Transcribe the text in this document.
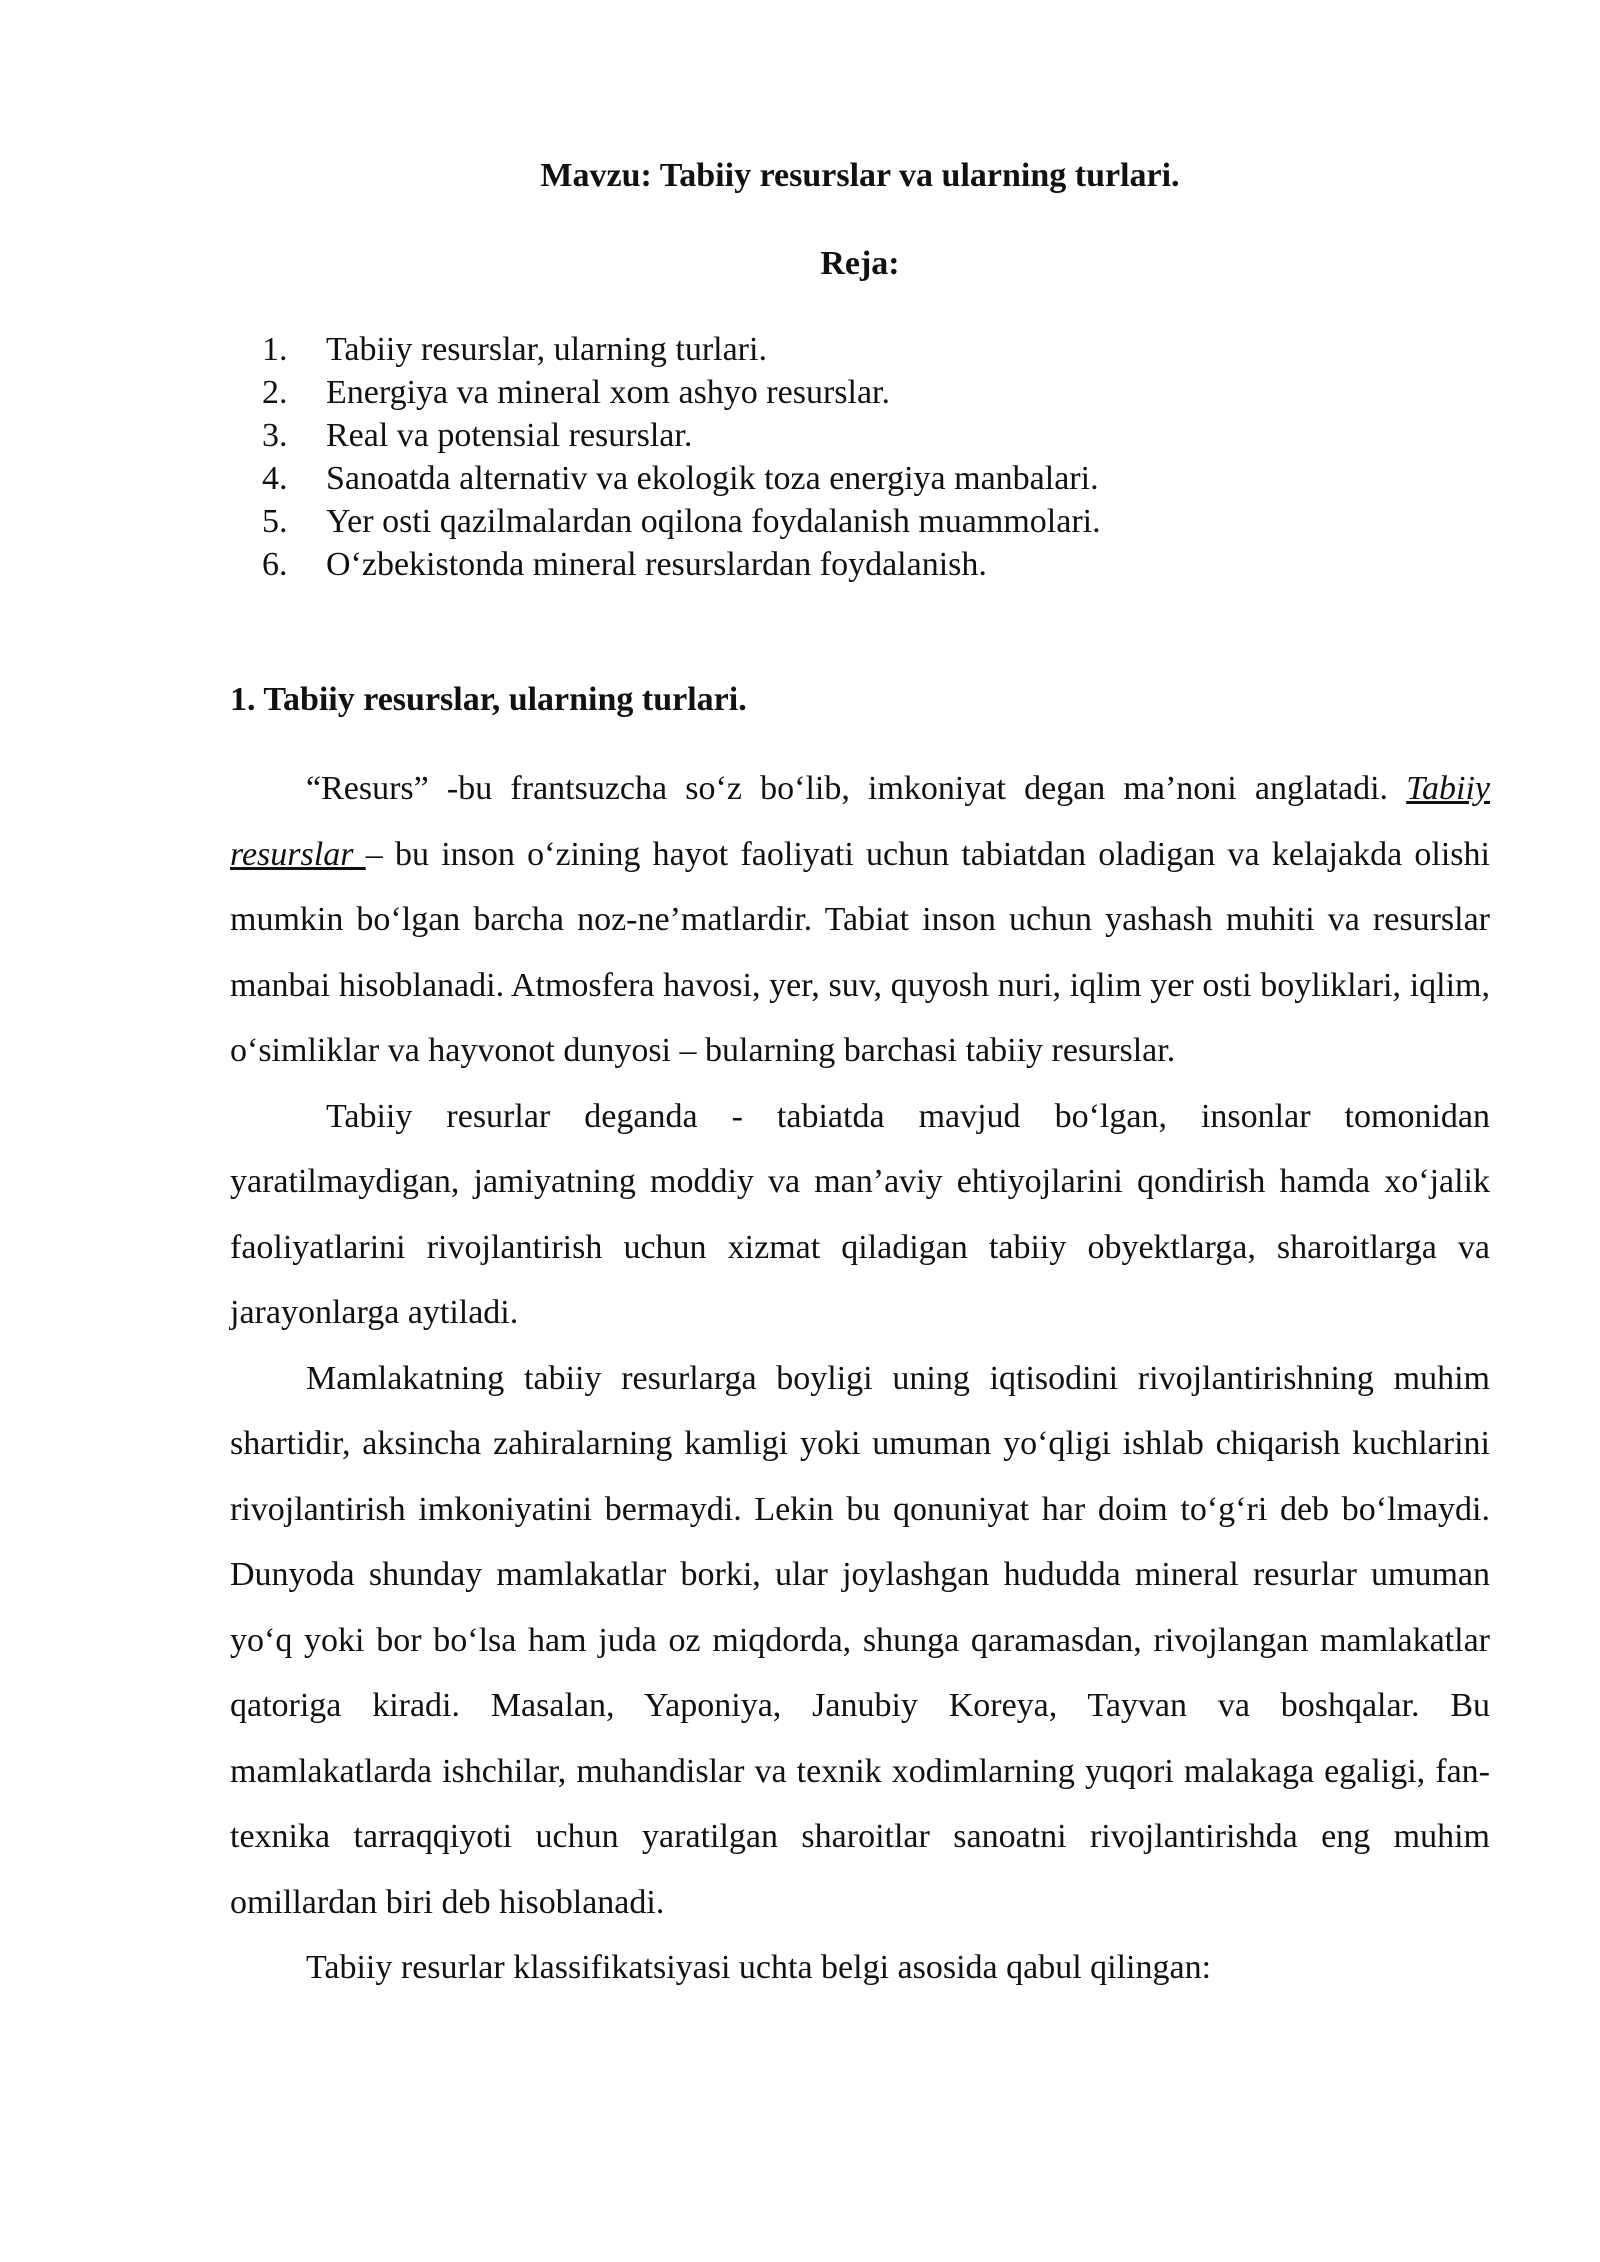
Mavzu: Tabiiy resurslar va ularning turlari.
Reja:
1.	Tabiiy resurslar, ularning turlari.
2.	Energiya va mineral xom ashyo resurslar.
3.	Real va potensial resurslar.
4.	Sanoatda alternativ va ekologik toza energiya manbalari.
5.	Yer osti qazilmalardan oqilona foydalanish muammolari.
6.	O‘zbekistonda mineral resurslardan foydalanish.
1. Tabiiy resurslar, ularning turlari.

“Resurs” -bu frantsuzcha so‘z bo‘lib, imkoniyat degan ma’noni anglatadi. Tabiiy resurslar – bu inson o‘zining hayot faoliyati uchun tabiatdan oladigan va kelajakda olishi mumkin bo‘lgan barcha noz-ne’matlardir. Tabiat inson uchun yashash muhiti va resurslar manbai hisoblanadi. Atmosfera havosi, yer, suv, quyosh nuri, iqlim yer osti boyliklari, iqlim, o‘simliklar va hayvonot dunyosi – bularning barchasi tabiiy resurslar.

Tabiiy resurlar deganda - tabiatda mavjud bo‘lgan, insonlar tomonidan yaratilmaydigan, jamiyatning moddiy va man’aviy ehtiyojlarini qondirish hamda xo‘jalik faoliyatlarini rivojlantirish uchun xizmat qiladigan tabiiy obyektlarga, sharoitlarga va jarayonlarga aytiladi.

Mamlakatning tabiiy resurlarga boyligi uning iqtisodini rivojlantirishning muhim shartidir, aksincha zahiralarning kamligi yoki umuman yo‘qligi ishlab chiqarish kuchlarini rivojlantirish imkoniyatini bermaydi. Lekin bu qonuniyat har doim to‘g‘ri deb bo‘lmaydi. Dunyoda shunday mamlakatlar borki, ular joylashgan hududda mineral resurlar umuman yo‘q yoki bor bo‘lsa ham juda oz miqdorda, shunga qaramasdan, rivojlangan mamlakatlar qatoriga kiradi. Masalan, Yaponiya, Janubiy Koreya, Tayvan va boshqalar. Bu mamlakatlarda ishchilar, muhandislar va texnik xodimlarning yuqori malakaga egaligi, fan-texnika tarraqqiyoti uchun yaratilgan sharoitlar sanoatni rivojlantirishda eng muhim omillardan biri deb hisoblanadi.

Tabiiy resurlar klassifikatsiyasi uchta belgi asosida qabul qilingan:
